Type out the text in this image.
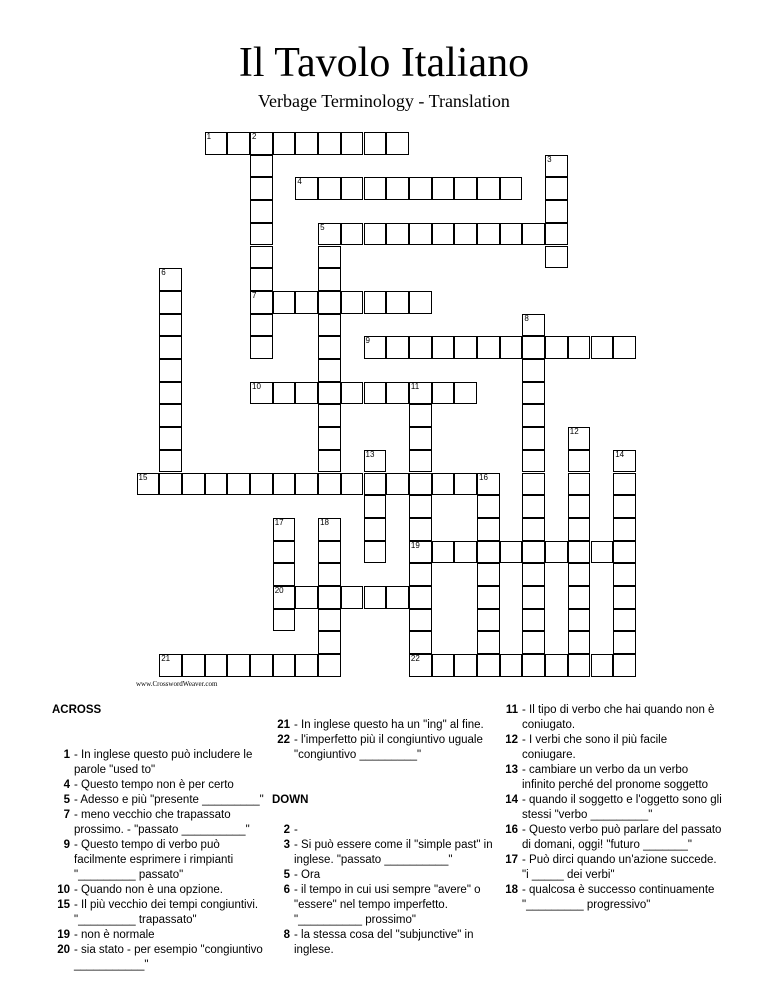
Il Tavolo Italiano
Verbage Terminology - Translation
1	2
7
3
4
5
6
8
9
10	11
19
12
13	14
15	16
17
20
18
21	22
www.CrosswordWeaver.com
ACROSS
1 - In inglese questo può includere le parole "used to"
4 - Questo tempo non è per certo
5 - Adesso e più "presente _________"
7 - meno vecchio che trapassato prossimo. - "passato __________"
9 - Questo tempo di verbo può facilmente esprimere i rimpianti "_________ passato"
10 - Quando non è una opzione.
15 - Il più vecchio dei tempi congiuntivi. "_________ trapassato"
19 - non è normale
20 - sia stato - per esempio "congiuntivo ___________"
21 - In inglese questo ha un "ing" al fine.
22 - l'imperfetto più il congiuntivo uguale "congiuntivo _________"
DOWN
2 -
3 - Si può essere come il "simple past" in inglese. "passato __________"
5 - Ora
6 - il tempo in cui usi sempre "avere" o "essere" nel tempo imperfetto. "__________ prossimo"
8 - la stessa cosa del "subjunctive" in inglese.
11 - Il tipo di verbo che hai quando non è coniugato.
12 - I verbi che sono il più facile coniugare.
13 - cambiare un verbo da un verbo infinito perché del pronome soggetto
14 - quando il soggetto e l'oggetto sono gli stessi "verbo _________"
16 - Questo verbo può parlare del passato di domani, oggi! "futuro _______"
17 - Può dirci quando un'azione succede. "i _____ dei verbi"
18 - qualcosa è successo continuamente "_________ progressivo"
